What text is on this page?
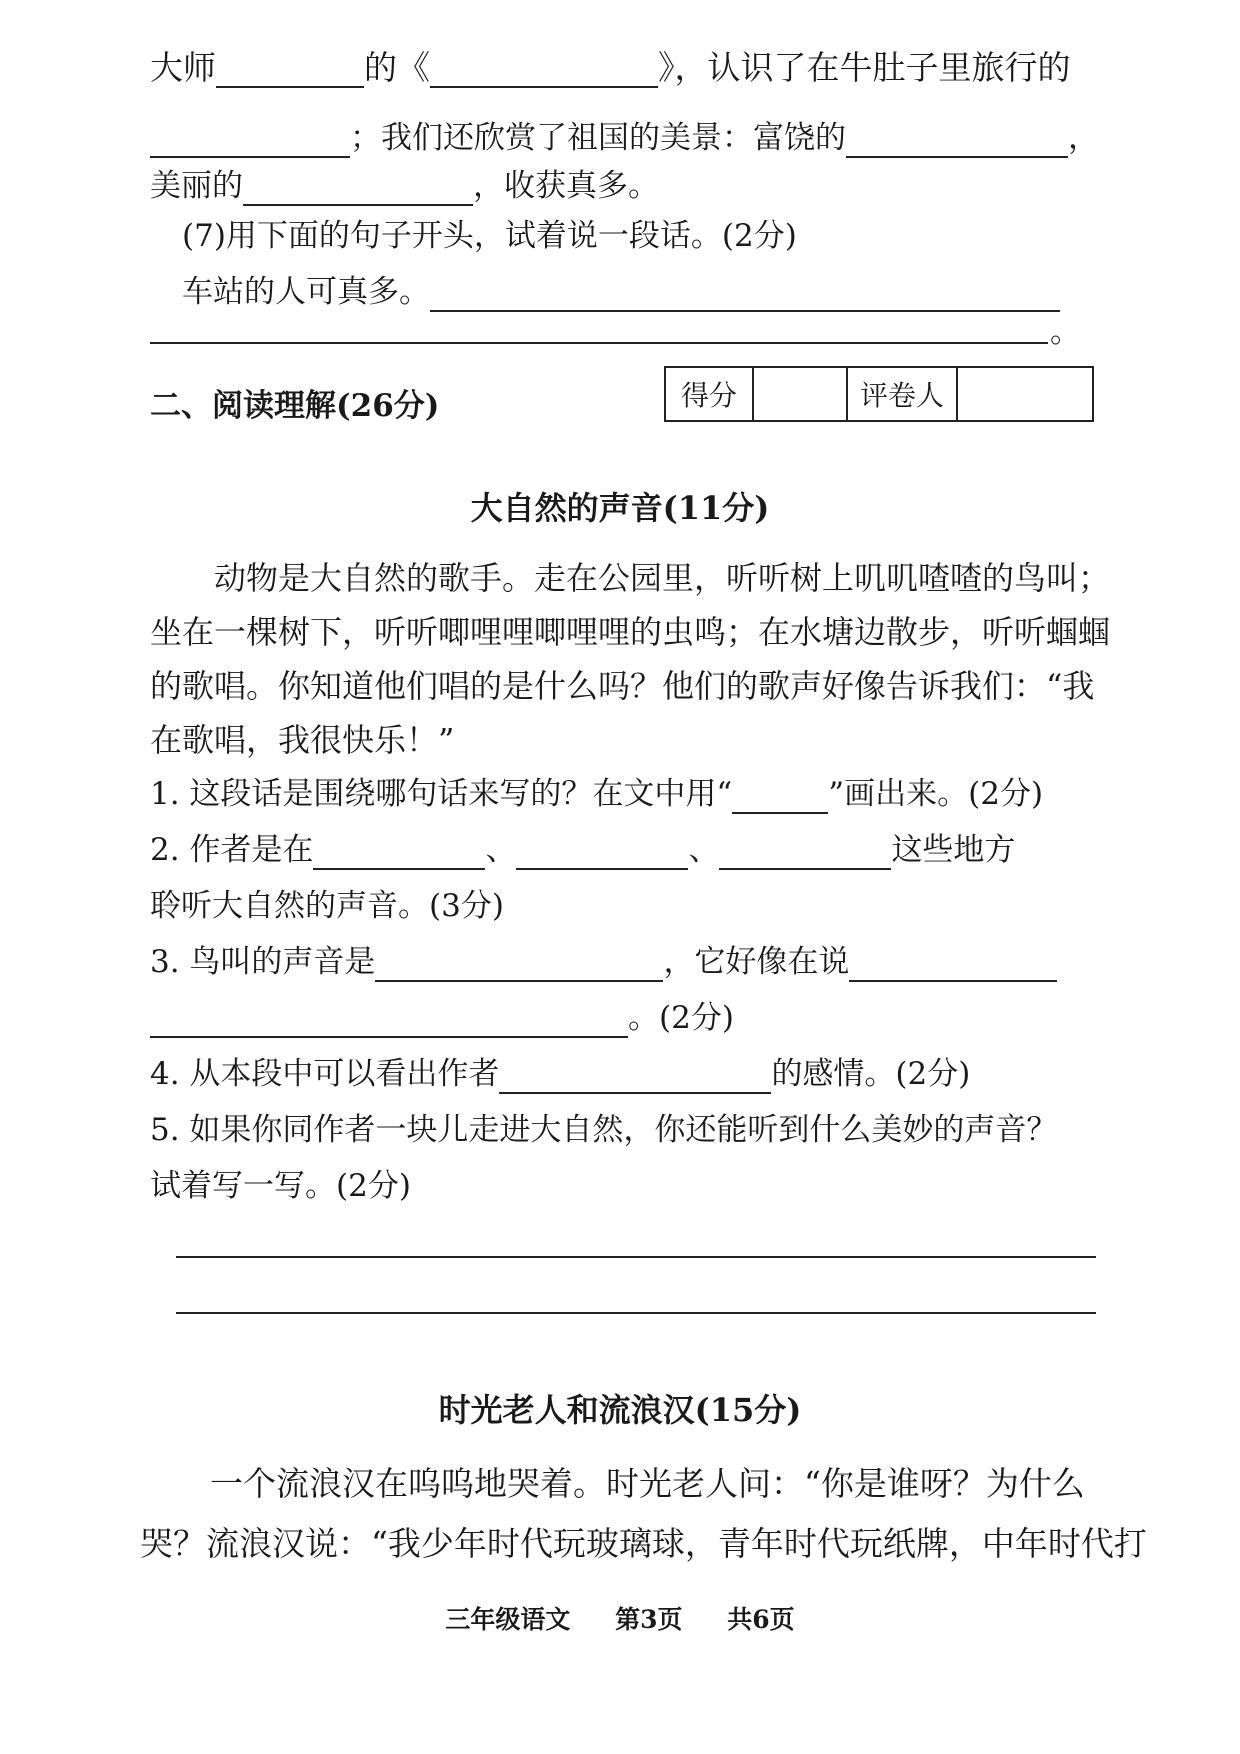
大师	的《	》，认识了在牛肚子里旅行的
；我们还欣赏了祖国的美景：富饶的	，
美丽的	，收获真多。
(7)用下面的句子开头，试着说一段话。(2分)
车站的人可真多。
。
二、阅读理解(26分)	得分	评卷人
大自然的声音(11分)
动物是大自然的歌手。走在公园里，听听树上叽叽喳喳的鸟叫；
坐在一棵树下，听听唧哩哩唧哩哩的虫鸣；在水塘边散步，听听蝈蝈
的歌唱。你知道他们唱的是什么吗？他们的歌声好像告诉我们：“我
在歌唱，我很快乐！”
1. 这段话是围绕哪句话来写的？在文中用“	”画出来。(2分)
2. 作者是在	、	、	这些地方
聆听大自然的声音。(3分)
3. 鸟叫的声音是	，它好像在说
。(2分)
4. 从本段中可以看出作者	的感情。(2分)
5. 如果你同作者一块儿走进大自然，你还能听到什么美妙的声音？
试着写一写。(2分)
时光老人和流浪汉(15分)
一个流浪汉在呜呜地哭着。时光老人问：“你是谁呀？为什么
哭？流浪汉说：“我少年时代玩玻璃球，青年时代玩纸牌，中年时代打
三年级语文 第3页 共6页
